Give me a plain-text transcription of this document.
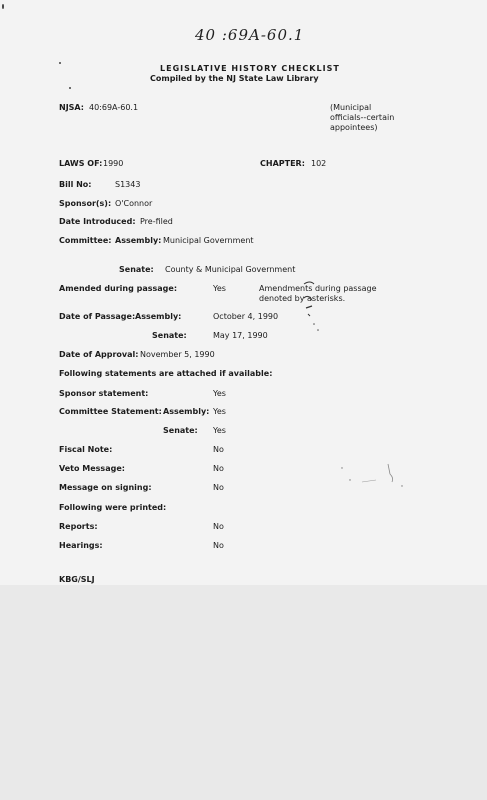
40 :69A-60.1
LEGISLATIVE HISTORY CHECKLIST
Compiled by the NJ State Law Library
NJSA: 40:69A-60.1	(Municipal
officials--certain
appointees)
LAWS OF: 1990	CHAPTER: 102
Bill No:	S1343
Sponsor(s): O'Connor
Date Introduced: Pre-filed
Committee: Assembly: Municipal Government
Senate: County & Municipal Government
Amended during passage:	Yes	Amendments during passage
denoted by asterisks.
Date of Passage: Assembly:	October 4, 1990
Senate:	May 17, 1990
Date of Approval: November 5, 1990
Following statements are attached if available:
Sponsor statement:	Yes
Committee Statement: Assembly: Yes
Senate: Yes
Fiscal Note:	No
Veto Message:	No
Message on signing:	No
Following were printed:
Reports:	No
Hearings:	No
KBG/SLJ
